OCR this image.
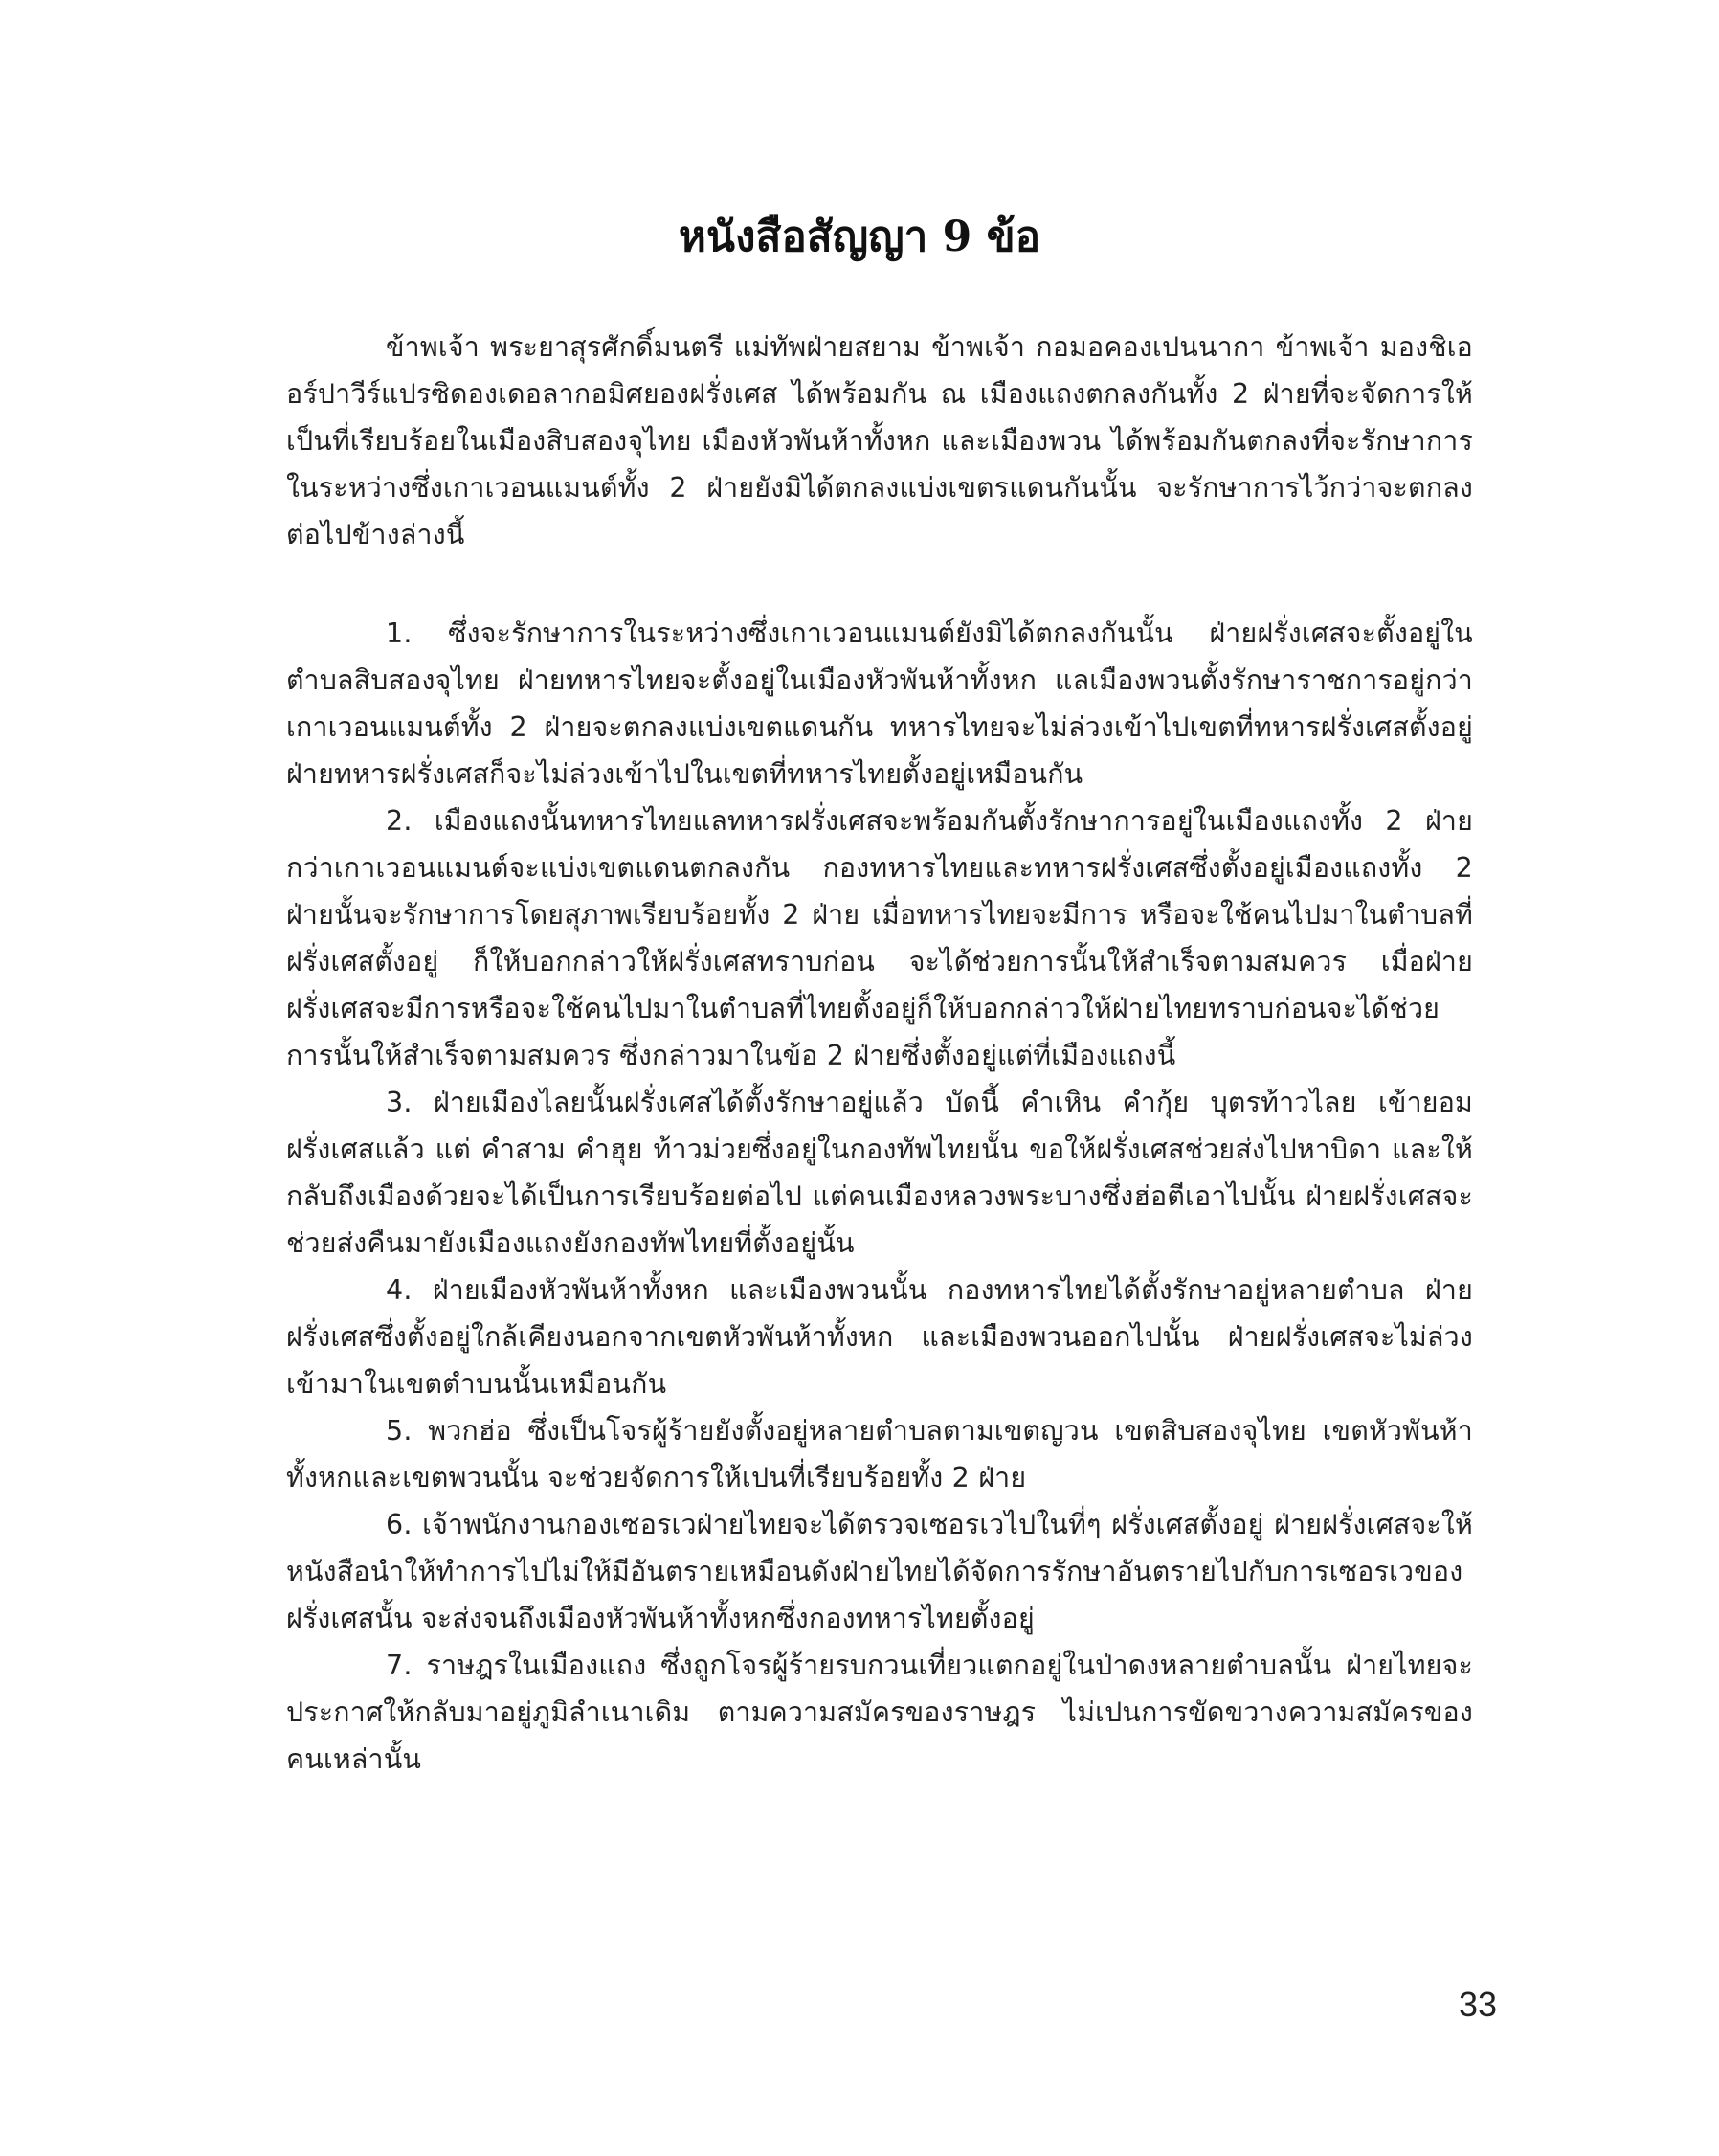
หนังสือสัญญา 9 ข้อ

ข้าพเจ้า พระยาสุรศักดิ์มนตรี แม่ทัพฝ่ายสยาม ข้าพเจ้า กอมอคองเปนนากา ข้าพเจ้า มองชิเออร์ปาวีร์แปรซิดองเดอลากอมิศยองฝรั่งเศส ได้พร้อมกัน ณ เมืองแถงตกลงกันทั้ง 2 ฝ่ายที่จะจัดการให้เป็นที่เรียบร้อยในเมืองสิบสองจุไทย เมืองหัวพันห้าทั้งหก และเมืองพวน ได้พร้อมกันตกลงที่จะรักษาการในระหว่างซึ่งเกาเวอนแมนต์ทั้ง 2 ฝ่ายยังมิได้ตกลงแบ่งเขตรแดนกันนั้น จะรักษาการไว้กว่าจะตกลงต่อไปข้างล่างนี้

1. ซึ่งจะรักษาการในระหว่างซึ่งเกาเวอนแมนต์ยังมิได้ตกลงกันนั้น ฝ่ายฝรั่งเศสจะตั้งอยู่ในตำบลสิบสองจุไทย ฝ่ายทหารไทยจะตั้งอยู่ในเมืองหัวพันห้าทั้งหก แลเมืองพวนตั้งรักษาราชการอยู่กว่าเกาเวอนแมนต์ทั้ง 2 ฝ่ายจะตกลงแบ่งเขตแดนกัน ทหารไทยจะไม่ล่วงเข้าไปเขตที่ทหารฝรั่งเศสตั้งอยู่ ฝ่ายทหารฝรั่งเศสก็จะไม่ล่วงเข้าไปในเขตที่ทหารไทยตั้งอยู่เหมือนกัน

2. เมืองแถงนั้นทหารไทยแลทหารฝรั่งเศสจะพร้อมกันตั้งรักษาการอยู่ในเมืองแถงทั้ง 2 ฝ่ายกว่าเกาเวอนแมนต์จะแบ่งเขตแดนตกลงกัน กองทหารไทยและทหารฝรั่งเศสซึ่งตั้งอยู่เมืองแถงทั้ง 2 ฝ่ายนั้นจะรักษาการโดยสุภาพเรียบร้อยทั้ง 2 ฝ่าย เมื่อทหารไทยจะมีการ หรือจะใช้คนไปมาในตำบลที่ฝรั่งเศสตั้งอยู่ ก็ให้บอกกล่าวให้ฝรั่งเศสทราบก่อน จะได้ช่วยการนั้นให้สำเร็จตามสมควร เมื่อฝ่ายฝรั่งเศสจะมีการหรือจะใช้คนไปมาในตำบลที่ไทยตั้งอยู่ก็ให้บอกกล่าวให้ฝ่ายไทยทราบก่อนจะได้ช่วยการนั้นให้สำเร็จตามสมควร ซึ่งกล่าวมาในข้อ 2 ฝ่ายซึ่งตั้งอยู่แต่ที่เมืองแถงนี้

3. ฝ่ายเมืองไลยนั้นฝรั่งเศสได้ตั้งรักษาอยู่แล้ว บัดนี้ คำเหิน คำกุ้ย บุตรท้าวไลย เข้ายอมฝรั่งเศสแล้ว แต่ คำสาม คำฮุย ท้าวม่วยซึ่งอยู่ในกองทัพไทยนั้น ขอให้ฝรั่งเศสช่วยส่งไปหาบิดา และให้กลับถึงเมืองด้วยจะได้เป็นการเรียบร้อยต่อไป แต่คนเมืองหลวงพระบางซึ่งฮ่อตีเอาไปนั้น ฝ่ายฝรั่งเศสจะช่วยส่งคืนมายังเมืองแถงยังกองทัพไทยที่ตั้งอยู่นั้น

4. ฝ่ายเมืองหัวพันห้าทั้งหก และเมืองพวนนั้น กองทหารไทยได้ตั้งรักษาอยู่หลายตำบล ฝ่ายฝรั่งเศสซึ่งตั้งอยู่ใกล้เคียงนอกจากเขตหัวพันห้าทั้งหก และเมืองพวนออกไปนั้น ฝ่ายฝรั่งเศสจะไม่ล่วงเข้ามาในเขตตำบนนั้นเหมือนกัน

5. พวกฮ่อ ซึ่งเป็นโจรผู้ร้ายยังตั้งอยู่หลายตำบลตามเขตญวน เขตสิบสองจุไทย เขตหัวพันห้าทั้งหกและเขตพวนนั้น จะช่วยจัดการให้เปนที่เรียบร้อยทั้ง 2 ฝ่าย

6. เจ้าพนักงานกองเซอรเวฝ่ายไทยจะได้ตรวจเซอรเวไปในที่ๆ ฝรั่งเศสตั้งอยู่ ฝ่ายฝรั่งเศสจะให้หนังสือนำให้ทำการไปไม่ให้มีอันตรายเหมือนดังฝ่ายไทยได้จัดการรักษาอันตรายไปกับการเซอรเวของฝรั่งเศสนั้น จะส่งจนถึงเมืองหัวพันห้าทั้งหกซึ่งกองทหารไทยตั้งอยู่

7. ราษฎรในเมืองแถง ซึ่งถูกโจรผู้ร้ายรบกวนเที่ยวแตกอยู่ในป่าดงหลายตำบลนั้น ฝ่ายไทยจะประกาศให้กลับมาอยู่ภูมิลำเนาเดิม ตามความสมัครของราษฎร ไม่เปนการขัดขวางความสมัครของคนเหล่านั้น

33
